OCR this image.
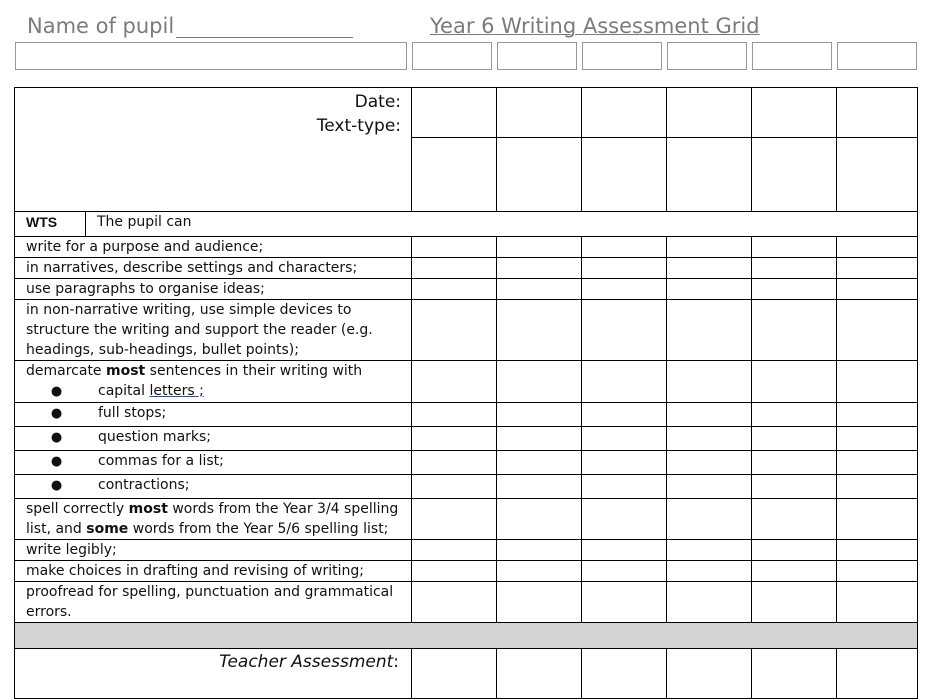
Name of pupil	Year 6 Writing Assessment Grid
Date:
Text-type:							

WTS	The pupil can						
write for a purpose and audience;							
in narratives, describe settings and characters;							
use paragraphs to organise ideas;							
in non-narrative writing, use simple devices to structure the writing and support the reader (e.g. headings, sub-headings, bullet points);							

demarcate most sentences in their writing with
● capital letters ;							

● full stops;							
● question marks;							
● commas for a list;							
● contractions;							
spell correctly most words from the Year 3/4 spelling list, and some words from the Year 5/6 spelling list;							
write legibly;							
make choices in drafting and revising of writing;							
proofread for spelling, punctuation and grammatical errors.							

Teacher Assessment:							
